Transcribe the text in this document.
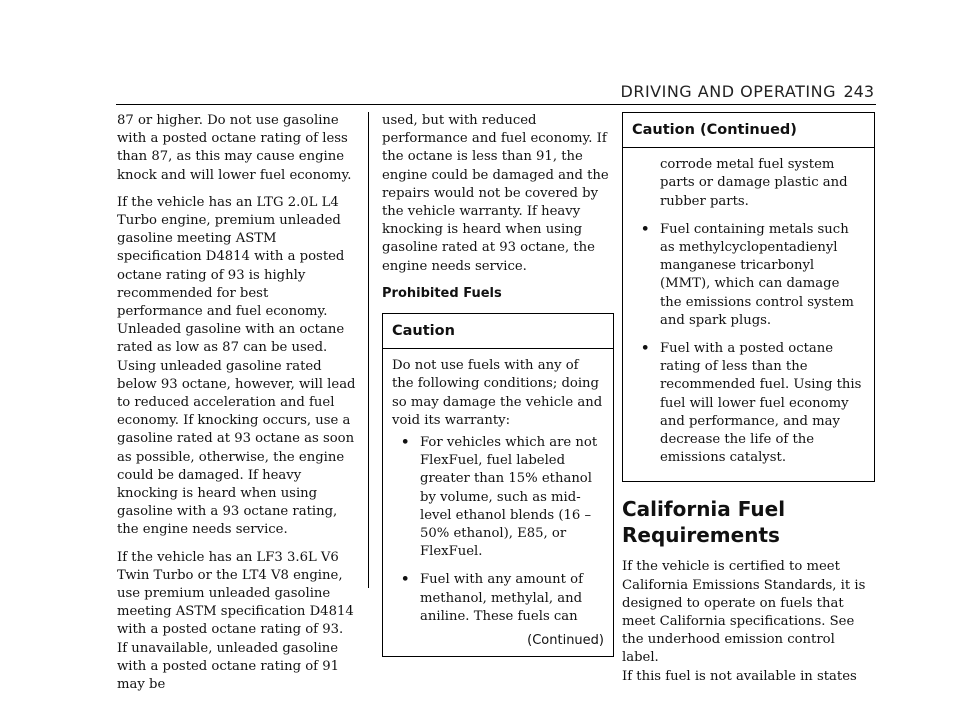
DRIVING AND OPERATING 243

87 or higher. Do not use gasoline with a posted octane rating of less than 87, as this may cause engine knock and will lower fuel economy.

If the vehicle has an LTG 2.0L L4 Turbo engine, premium unleaded gasoline meeting ASTM specification D4814 with a posted octane rating of 93 is highly recommended for best performance and fuel economy. Unleaded gasoline with an octane rated as low as 87 can be used. Using unleaded gasoline rated below 93 octane, however, will lead to reduced acceleration and fuel economy. If knocking occurs, use a gasoline rated at 93 octane as soon as possible, otherwise, the engine could be damaged. If heavy knocking is heard when using gasoline with a 93 octane rating, the engine needs service.

If the vehicle has an LF3 3.6L V6 Twin Turbo or the LT4 V8 engine, use premium unleaded gasoline meeting ASTM specification D4814 with a posted octane rating of 93.

If unavailable, unleaded gasoline with a posted octane rating of 91 may be

used, but with reduced performance and fuel economy. If the octane is less than 91, the engine could be damaged and the repairs would not be covered by the vehicle warranty. If heavy knocking is heard when using gasoline rated at 93 octane, the engine needs service.

Prohibited Fuels
Caution

Do not use fuels with any of the following conditions; doing so may damage the vehicle and void its warranty:

• For vehicles which are not FlexFuel, fuel labeled greater than 15% ethanol by volume, such as mid-level ethanol blends (16 – 50% ethanol), E85, or FlexFuel.
• Fuel with any amount of methanol, methylal, and aniline. These fuels can
(Continued)
Caution (Continued)
corrode metal fuel system parts or damage plastic and rubber parts.
• Fuel containing metals such as methylcyclopentadienyl manganese tricarbonyl (MMT), which can damage the emissions control system and spark plugs.
• Fuel with a posted octane rating of less than the recommended fuel. Using this fuel will lower fuel economy and performance, and may decrease the life of the emissions catalyst.
California Fuel Requirements

If the vehicle is certified to meet California Emissions Standards, it is designed to operate on fuels that meet California specifications. See the underhood emission control label.

If this fuel is not available in states
